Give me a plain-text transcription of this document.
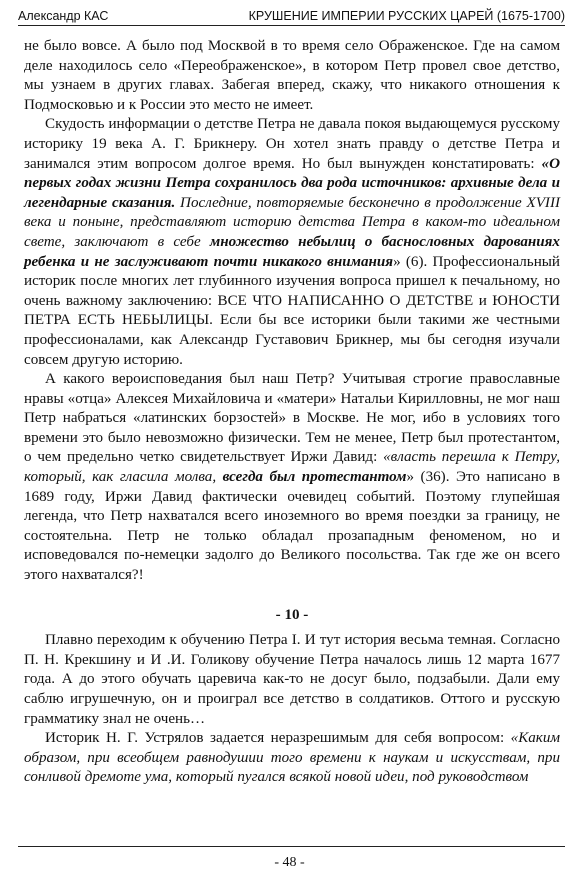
Александр КАС	КРУШЕНИЕ ИМПЕРИИ РУССКИХ ЦАРЕЙ (1675-1700)

не было вовсе. А было под Москвой в то время село Ображенское. Где на самом деле находилось село «Переображенское», в котором Петр провел свое детство, мы узнаем в других главах. Забегая вперед, скажу, что никакого отношения к Подмосковью и к России это место не имеет.

Скудость информации о детстве Петра не давала покоя выдающемуся русскому историку 19 века А. Г. Брикнеру. Он хотел знать правду о детстве Петра и занимался этим вопросом долгое время. Но был вынужден констатировать: «О первых годах жизни Петра сохранилось два рода источников: архивные дела и легендарные сказания. Последние, повторяемые бесконечно в продолжение XVIII века и поныне, представляют историю детства Петра в каком-то идеальном свете, заключают в себе множество небылиц о баснословных дарованиях ребенка и не заслуживают почти никакого внимания» (6). Профессиональный историк после многих лет глубинного изучения вопроса пришел к печальному, но очень важному заключению: ВСЕ ЧТО НАПИСАННО О ДЕТСТВЕ и ЮНОСТИ ПЕТРА ЕСТЬ НЕБЫЛИЦЫ. Если бы все историки были такими же честными профессионалами, как Александр Густавович Брикнер, мы бы сегодня изучали совсем другую историю.

А какого вероисповедания был наш Петр? Учитывая строгие православные нравы «отца» Алексея Михайловича и «матери» Натальи Кирилловны, не мог наш Петр набраться «латинских борзостей» в Москве. Не мог, ибо в условиях того времени это было невозможно физически. Тем не менее, Петр был протестантом, о чем предельно четко свидетельствует Иржи Давид: «власть перешла к Петру, который, как гласила молва, всегда был протестантом» (36). Это написано в 1689 году, Иржи Давид фактически очевидец событий. Поэтому глупейшая легенда, что Петр нахватался всего иноземного во время поездки за границу, не состоятельна. Петр не только обладал прозападным феноменом, но и исповедовался по-немецки задолго до Великого посольства. Так где же он всего этого нахватался?!

- 10 -

Плавно переходим к обучению Петра I. И тут история весьма темная. Согласно П. Н. Крекшину и И .И. Голикову обучение Петра началось лишь 12 марта 1677 года. А до этого обучать царевича как-то не досуг было, подзабыли. Дали ему саблю игрушечную, он и проиграл все детство в солдатиков. Оттого и русскую грамматику знал не очень…

Историк Н. Г. Устрялов задается неразрешимым для себя вопросом: «Каким образом, при всеобщем равнодушии того времени к наукам и искусствам, при сонливой дремоте ума, который пугался всякой новой идеи, под руководством

- 48 -
